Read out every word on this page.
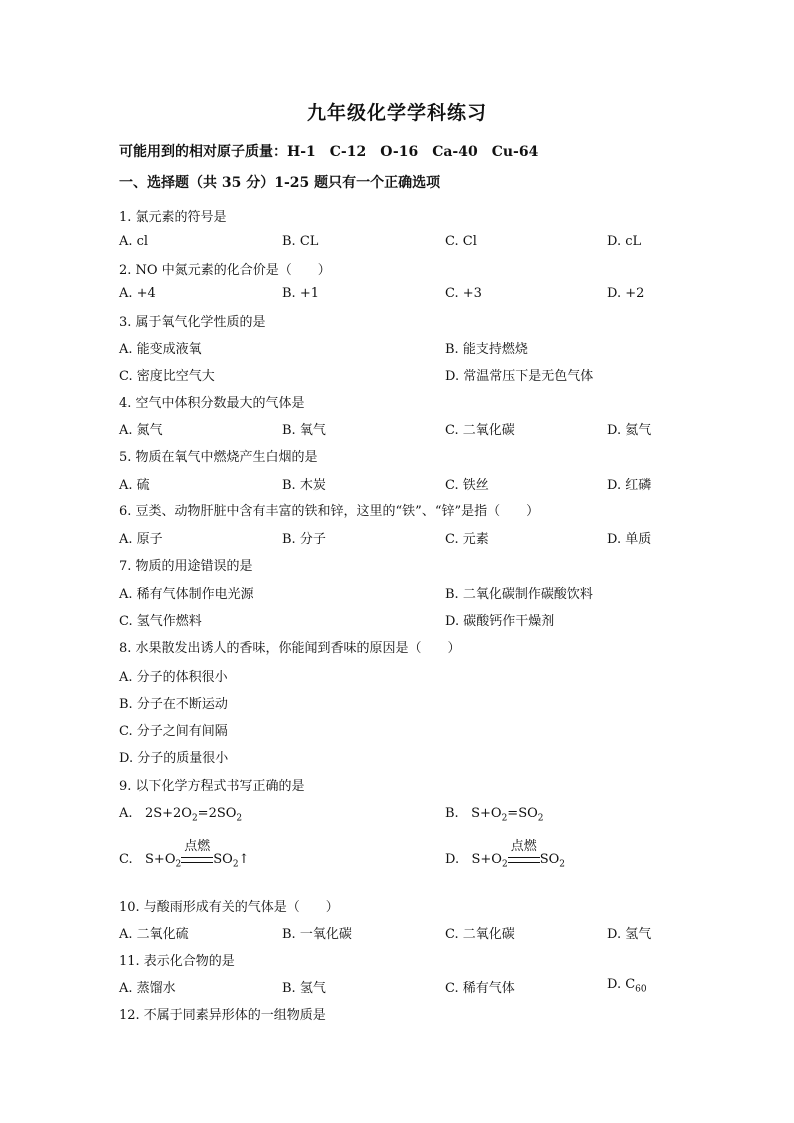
九年级化学学科练习
可能用到的相对原子质量：H-1　C-12　O-16　Ca-40　Cu-64
一、选择题（共 35 分）1-25 题只有一个正确选项
1. 氯元素的符号是
A. cl	B. CL	C. Cl	D. cL
2. NO 中氮元素的化合价是（　　）
A. +4	B. +1	C. +3	D. +2
3. 属于氧气化学性质的是
A. 能变成液氧	B. 能支持燃烧
C. 密度比空气大	D. 常温常压下是无色气体
4. 空气中体积分数最大的气体是
A. 氮气	B. 氧气	C. 二氧化碳	D. 氦气
5. 物质在氧气中燃烧产生白烟的是
A. 硫	B. 木炭	C. 铁丝	D. 红磷
6. 豆类、动物肝脏中含有丰富的铁和锌，这里的“铁”、“锌”是指（　　）
A. 原子	B. 分子	C. 元素	D. 单质
7. 物质的用途错误的是
A. 稀有气体制作电光源	B. 二氧化碳制作碳酸饮料
C. 氢气作燃料	D. 碳酸钙作干燥剂
8. 水果散发出诱人的香味，你能闻到香味的原因是（　　）
A. 分子的体积很小
B. 分子在不断运动
C. 分子之间有间隔
D. 分子的质量很小
9. 以下化学方程式书写正确的是
A. $2S+2O_2=2SO_2$	B. $S+O_2=SO_2$
C. $S+O_2$
点燃
$SO_2↑$	D. $S+O_2$
点燃
$SO_2$
10. 与酸雨形成有关的气体是（　　）
A. 二氧化硫	B. 一氧化碳	C. 二氧化碳	D. 氢气
11. 表示化合物的是
A. 蒸馏水	B. 氢气	C. 稀有气体	D. $C_{60}$
12. 不属于同素异形体的一组物质是
